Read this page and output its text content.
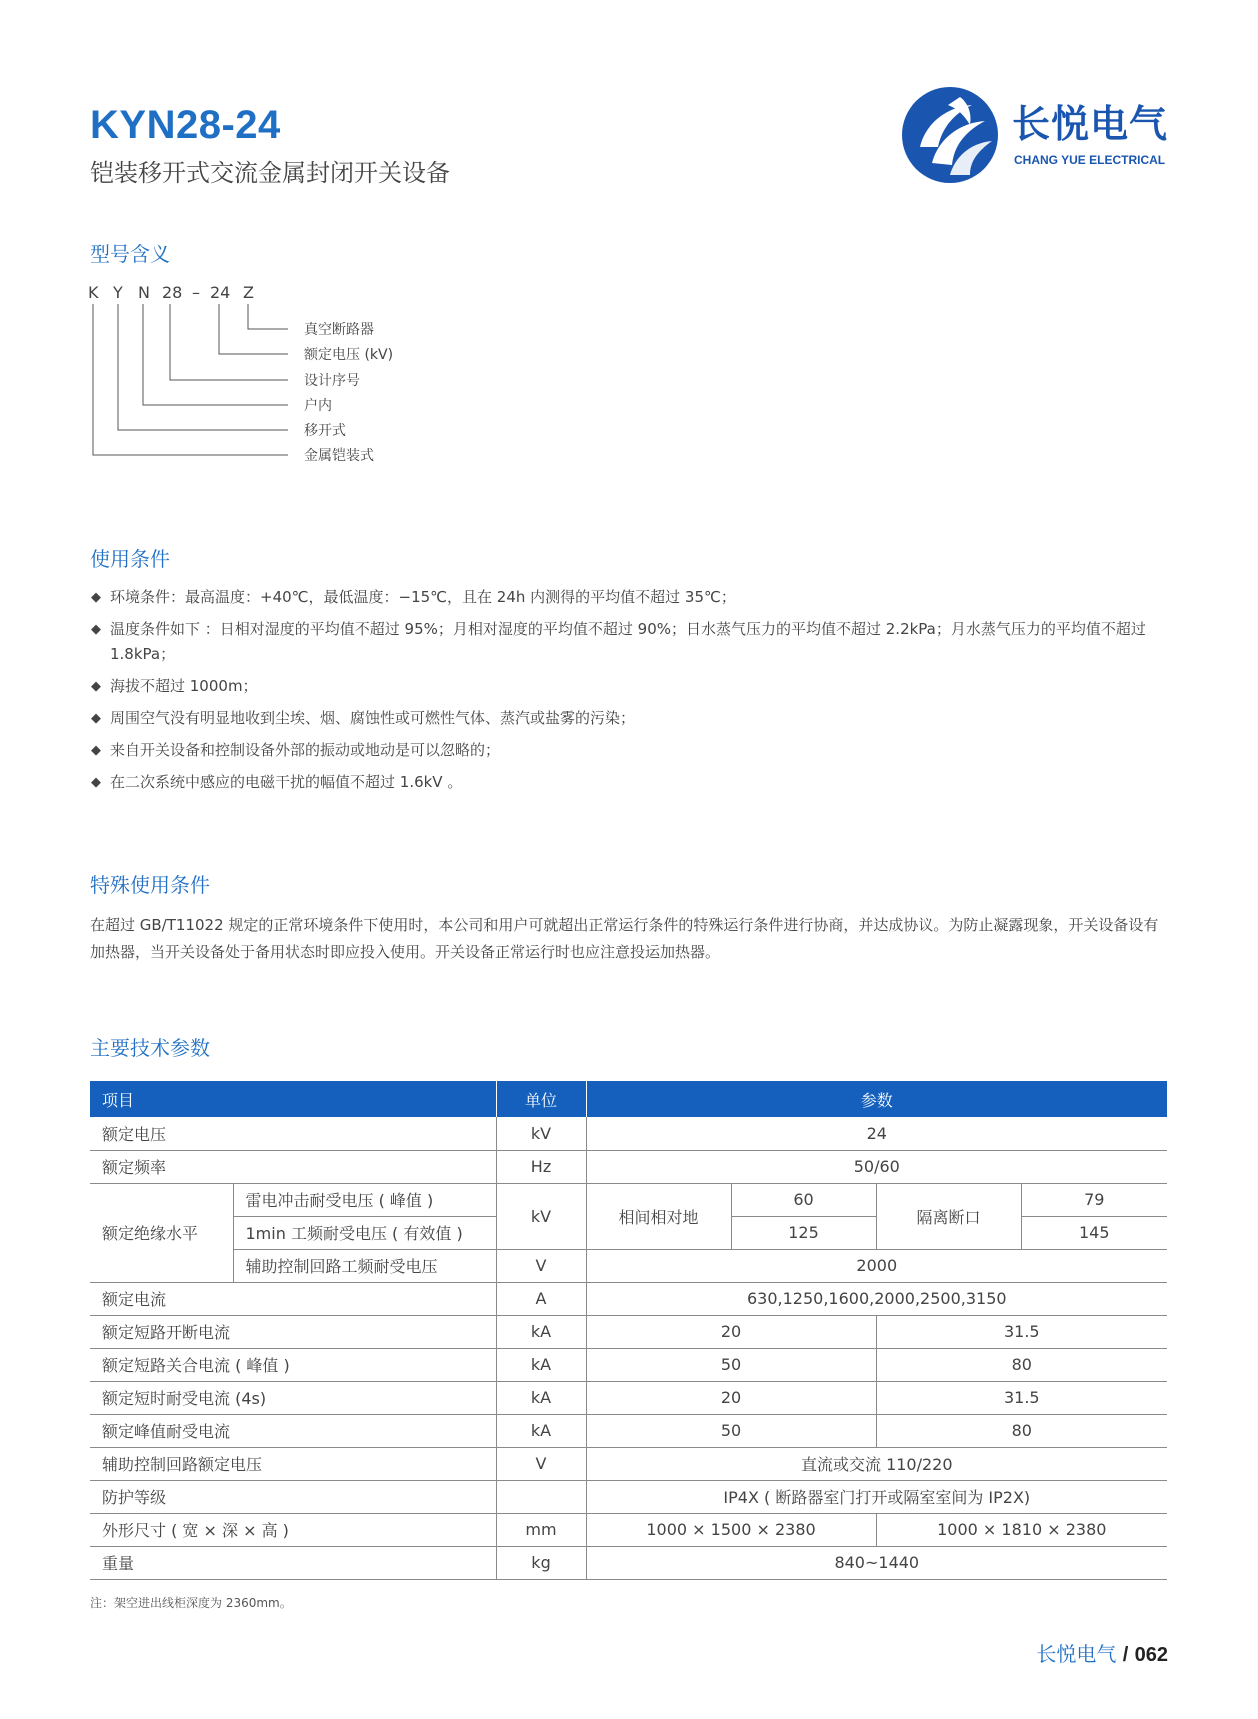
KYN28-24
铠装移开式交流金属封闭开关设备
长悦电气
CHANG YUE ELECTRICAL
型号含义
K Y N 28 – 24 Z
真空断路器
额定电压 (kV)
设计序号
户内
移开式
金属铠装式
使用条件
◆ 环境条件：最高温度：+40℃，最低温度：−15℃，且在 24h 内测得的平均值不超过 35℃；
◆ 温度条件如下 ：日相对湿度的平均值不超过 95%；月相对湿度的平均值不超过 90%；日水蒸气压力的平均值不超过 2.2kPa；月水蒸气压力的平均值不超过 1.8kPa；
◆ 海拔不超过 1000m；
◆ 周围空气没有明显地收到尘埃、烟、腐蚀性或可燃性气体、蒸汽或盐雾的污染；
◆ 来自开关设备和控制设备外部的振动或地动是可以忽略的；
◆ 在二次系统中感应的电磁干扰的幅值不超过 1.6kV 。
特殊使用条件
在超过 GB/T11022 规定的正常环境条件下使用时，本公司和用户可就超出正常运行条件的特殊运行条件进行协商，并达成协议。为防止凝露现象，开关设备设有加热器，当开关设备处于备用状态时即应投入使用。开关设备正常运行时也应注意投运加热器。
主要技术参数
项目		单位	参数			
额定电压		kV	24			
额定频率		Hz	50/60			
额定绝缘水平	雷电冲击耐受电压 ( 峰值 )	kV	相间相对地	60	隔离断口	79
	1min 工频耐受电压 ( 有效值 )			125		145
	辅助控制回路工频耐受电压	V	2000			
额定电流		A	630,1250,1600,2000,2500,3150			
额定短路开断电流		kA	20		31.5	
额定短路关合电流 ( 峰值 )		kA	50		80	
额定短时耐受电流 (4s)		kA	20		31.5	
额定峰值耐受电流		kA	50		80	
辅助控制回路额定电压		V	直流或交流 110/220			
防护等级			IP4X ( 断路器室门打开或隔室室间为 IP2X)			
外形尺寸 ( 宽 × 深 × 高 )		mm	1000 × 1500 × 2380		1000 × 1810 × 2380	
重量		kg	840~1440			
注：架空进出线柜深度为 2360mm。
长悦电气 / 062
